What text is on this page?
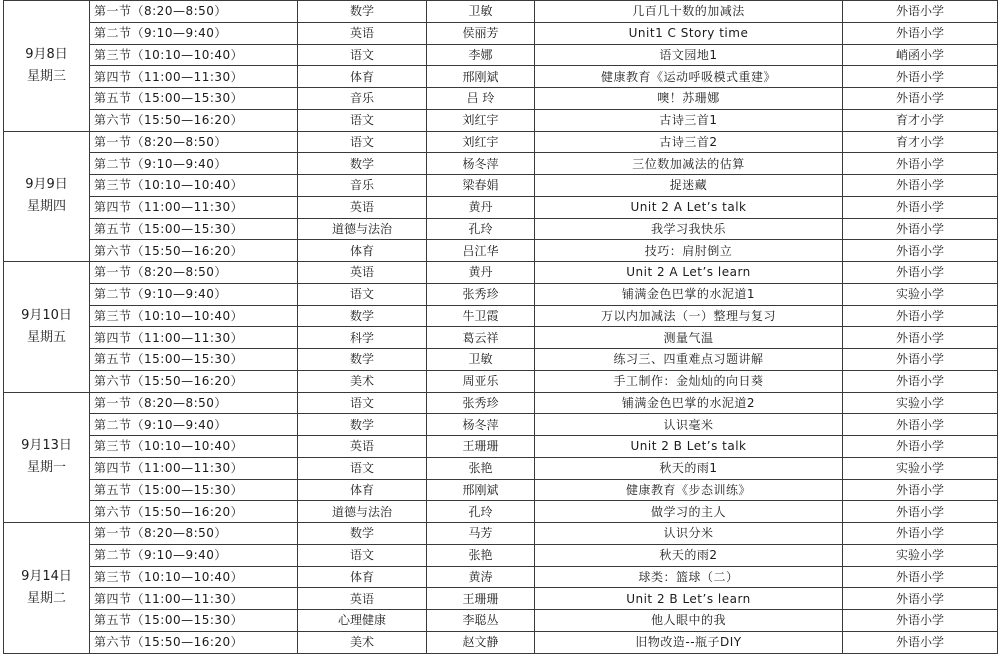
9月8日
星期三	第一节（8:20—8:50）	数学	卫敏	几百几十数的加减法	外语小学
	第二节（9:10—9:40）	英语	侯丽芳	Unit1 C Story time	外语小学
	第三节（10:10—10:40）	语文	李娜	语文园地1	峭函小学
	第四节（11:00—11:30）	体育	邢刚斌	健康教育《运动呼吸模式重建》	外语小学
	第五节（15:00—15:30）	音乐	吕 玲	噢！苏珊娜	外语小学
	第六节（15:50—16:20）	语文	刘红宇	古诗三首1	育才小学

9月9日
星期四	第一节（8:20—8:50）	语文	刘红宇	古诗三首2	育才小学
	第二节（9:10—9:40）	数学	杨冬萍	三位数加减法的估算	外语小学
	第三节（10:10—10:40）	音乐	梁春娟	捉迷藏	外语小学
	第四节（11:00—11:30）	英语	黄丹	Unit 2 A Let’s talk	外语小学
	第五节（15:00—15:30）	道德与法治	孔玲	我学习我快乐	外语小学
	第六节（15:50—16:20）	体育	吕江华	技巧：肩肘倒立	外语小学

9月10日
星期五	第一节（8:20—8:50）	英语	黄丹	Unit 2 A Let’s learn	外语小学
	第二节（9:10—9:40）	语文	张秀珍	铺满金色巴掌的水泥道1	实验小学
	第三节（10:10—10:40）	数学	牛卫霞	万以内加减法（一）整理与复习	外语小学
	第四节（11:00—11:30）	科学	葛云祥	测量气温	外语小学
	第五节（15:00—15:30）	数学	卫敏	练习三、四重难点习题讲解	外语小学
	第六节（15:50—16:20）	美术	周亚乐	手工制作：金灿灿的向日葵	外语小学

9月13日
星期一	第一节（8:20—8:50）	语文	张秀珍	铺满金色巴掌的水泥道2	实验小学
	第二节（9:10—9:40）	数学	杨冬萍	认识毫米	外语小学
	第三节（10:10—10:40）	英语	王珊珊	Unit 2 B Let’s talk	外语小学
	第四节（11:00—11:30）	语文	张艳	秋天的雨1	实验小学
	第五节（15:00—15:30）	体育	邢刚斌	健康教育《步态训练》	外语小学
	第六节（15:50—16:20）	道德与法治	孔玲	做学习的主人	外语小学

9月14日
星期二	第一节（8:20—8:50）	数学	马芳	认识分米	外语小学
	第二节（9:10—9:40）	语文	张艳	秋天的雨2	实验小学
	第三节（10:10—10:40）	体育	黄涛	球类：篮球（二）	外语小学
	第四节（11:00—11:30）	英语	王珊珊	Unit 2 B Let’s learn	外语小学
	第五节（15:00—15:30）	心理健康	李聪丛	他人眼中的我	外语小学
	第六节（15:50—16:20）	美术	赵文静	旧物改造--瓶子DIY	外语小学
